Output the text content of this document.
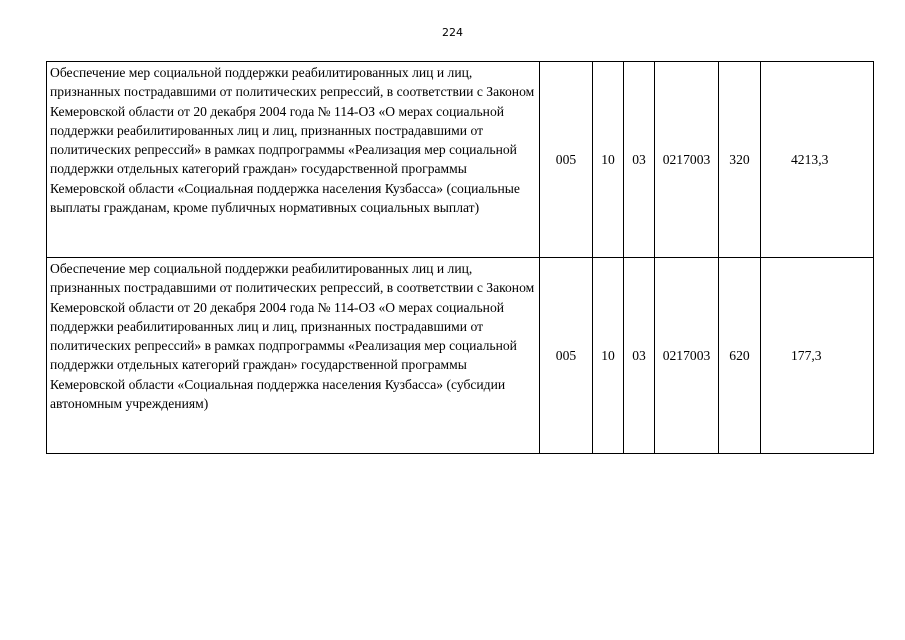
224
Обеспечение мер социальной поддержки реабилитированных лиц и лиц, признанных пострадавшими от политических репрессий, в соответствии с Законом Кемеровской области от 20 декабря 2004 года № 114-ОЗ «О мерах социальной поддержки реабилитированных лиц и лиц, признанных пострадавшими от политических репрессий» в рамках подпрограммы «Реализация мер социальной поддержки отдельных категорий граждан» государственной программы Кемеровской области «Социальная поддержка населения Кузбасса» (социальные выплаты гражданам, кроме публичных нормативных социальных выплат)	005	10	03	0217003	320	4213,3
Обеспечение мер социальной поддержки реабилитированных лиц и лиц, признанных пострадавшими от политических репрессий, в соответствии с Законом Кемеровской области от 20 декабря 2004 года № 114-ОЗ «О мерах социальной поддержки реабилитированных лиц и лиц, признанных пострадавшими от политических репрессий» в рамках подпрограммы «Реализация мер социальной поддержки отдельных категорий граждан» государственной программы Кемеровской области «Социальная поддержка населения Кузбасса» (субсидии автономным учреждениям)	005	10	03	0217003	620	177,3
